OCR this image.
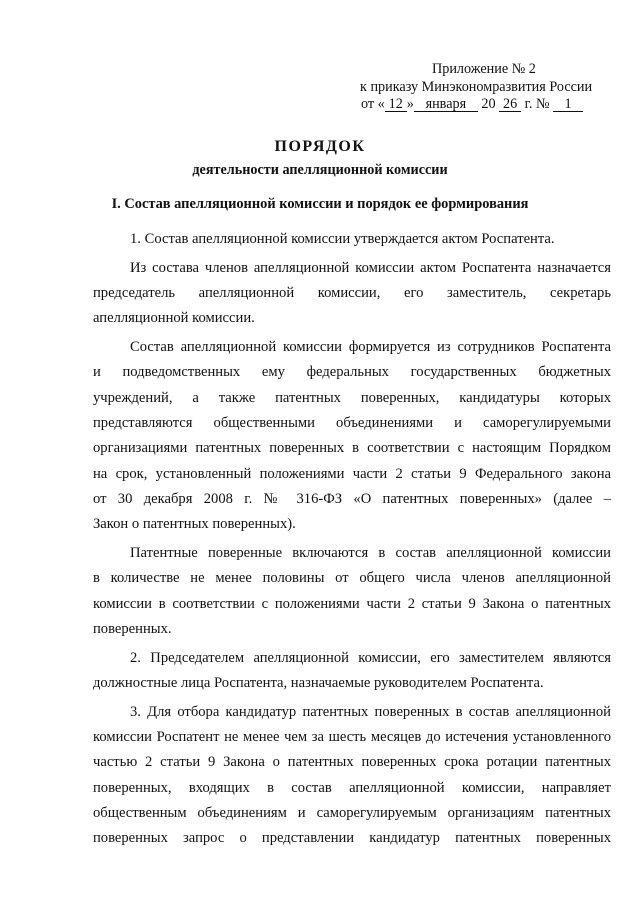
Приложение № 2
к приказу Минэкономразвития России
от « 12 » января 20 26 г. № 1
ПОРЯДОК
деятельности апелляционной комиссии
I. Состав апелляционной комиссии и порядок ее формирования

1. Состав апелляционной комиссии утверждается актом Роспатента.

Из состава членов апелляционной комиссии актом Роспатента назначается

председатель апелляционной комиссии, его заместитель, секретарь

апелляционной комиссии.

Состав апелляционной комиссии формируется из сотрудников Роспатента

и подведомственных ему федеральных государственных бюджетных

учреждений, а также патентных поверенных, кандидатуры которых

представляются общественными объединениями и саморегулируемыми

организациями патентных поверенных в соответствии с настоящим Порядком

на срок, установленный положениями части 2 статьи 9 Федерального закона

от 30 декабря 2008 г. № 316-ФЗ «О патентных поверенных» (далее –

Закон о патентных поверенных).

Патентные поверенные включаются в состав апелляционной комиссии

в количестве не менее половины от общего числа членов апелляционной

комиссии в соответствии с положениями части 2 статьи 9 Закона о патентных

поверенных.

2. Председателем апелляционной комиссии, его заместителем являются

должностные лица Роспатента, назначаемые руководителем Роспатента.

3. Для отбора кандидатур патентных поверенных в состав апелляционной

комиссии Роспатент не менее чем за шесть месяцев до истечения установленного

частью 2 статьи 9 Закона о патентных поверенных срока ротации патентных

поверенных, входящих в состав апелляционной комиссии, направляет

общественным объединениям и саморегулируемым организациям патентных

поверенных запрос о представлении кандидатур патентных поверенных
